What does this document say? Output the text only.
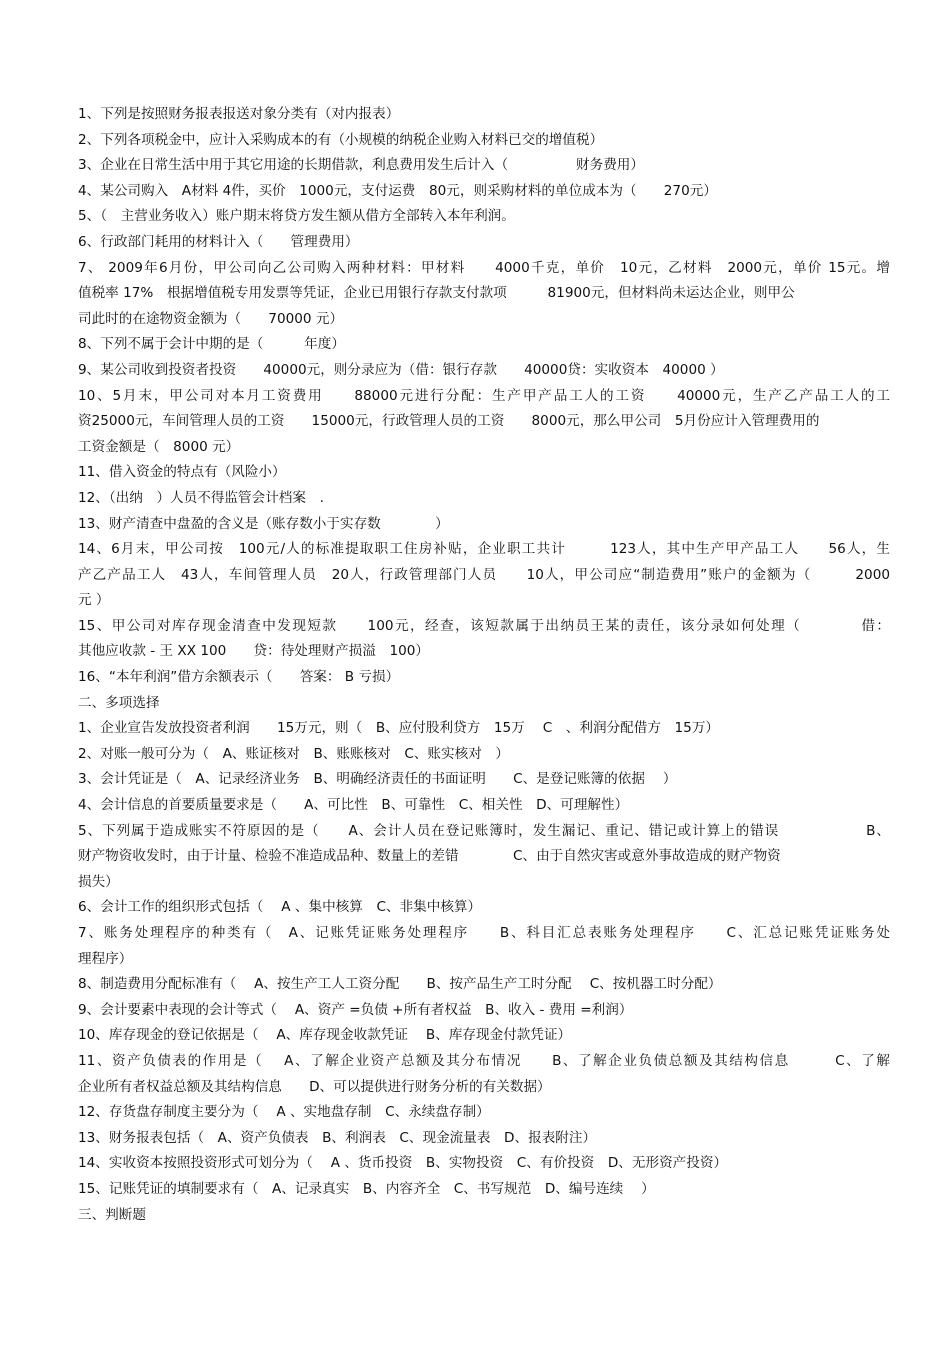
1、下列是按照财务报表报送对象分类有（对内报表）
2、下列各项税金中，应计入采购成本的有（小规模的纳税企业购入材料已交的增值税）
3、企业在日常生活中用于其它用途的长期借款，利息费用发生后计入（　　　　　财务费用）
4、某公司购入　A材料 4件，买价　1000元，支付运费　80元，则采购材料的单位成本为（　　270元）
5、（　主营业务收入）账户期末将贷方发生额从借方全部转入本年利润。
6、行政部门耗用的材料计入（　　管理费用）
7、 2009年6月份，甲公司向乙公司购入两种材料：甲材料　　4000千克，单价　10元，乙材料　2000元，单价 15元。增
值税率 17%　根据增值税专用发票等凭证，企业已用银行存款支付款项　　　81900元，但材料尚未运达企业，则甲公
司此时的在途物资金额为（　　70000 元）
8、下列不属于会计中期的是（　　　年度）
9、某公司收到投资者投资　　40000元，则分录应为（借：银行存款　　40000贷：实收资本　40000 ）
10、5月末，甲公司对本月工资费用　　88000元进行分配：生产甲产品工人的工资　　40000元，生产乙产品工人的工
资25000元，车间管理人员的工资　　15000元，行政管理人员的工资　　8000元，那么甲公司　5月份应计入管理费用的
工资金额是（　8000 元）
11、借入资金的特点有（风险小）
12、（出纳　）人员不得监管会计档案　.
13、财产清查中盘盈的含义是（账存数小于实存数　　　　）
14、6月末，甲公司按　100元/人的标准提取职工住房补贴，企业职工共计　　　123人，其中生产甲产品工人　　56人，生
产乙产品工人　43人，车间管理人员　20人，行政管理部门人员　　10人，甲公司应“制造费用”账户的金额为（　　　2000
元 ）
15、甲公司对库存现金清查中发现短款　　100元，经查，该短款属于出纳员王某的责任，该分录如何处理（　　　　借：
其他应收款 - 王 XX 100　　贷：待处理财产损溢　100）
16、“本年利润”借方余额表示（　　答案： B 亏损）
二、多项选择
1、企业宣告发放投资者利润　　15万元，则（　B、应付股利贷方　15万　 C　、利润分配借方　15万）
2、对账一般可分为（　A、账证核对　B、账账核对　C、账实核对　）
3、会计凭证是（　A、记录经济业务　B、明确经济责任的书面证明　　C、是登记账簿的依据　 ）
4、会计信息的首要质量要求是（　　A、可比性　B、可靠性　C、相关性　D、可理解性）
5、下列属于造成账实不符原因的是（　　A、会计人员在登记账簿时，发生漏记、重记、错记或计算上的错误　　　　　　B、
财产物资收发时，由于计量、检验不准造成品种、数量上的差错　　　　C、由于自然灾害或意外事故造成的财产物资
损失）
6、会计工作的组织形式包括（　 A 、集中核算　C、非集中核算）
7、账务处理程序的种类有（　A、记账凭证账务处理程序　　B、科目汇总表账务处理程序　　C、汇总记账凭证账务处
理程序）
8、制造费用分配标准有（　 A、按生产工人工资分配　　B、按产品生产工时分配　 C、按机器工时分配）
9、会计要素中表现的会计等式（　 A、资产 =负债 +所有者权益　B、收入 - 费用 =利润）
10、库存现金的登记依据是（　 A、库存现金收款凭证　 B、库存现金付款凭证）
11、资产负债表的作用是（　 A、了解企业资产总额及其分布情况　　B、了解企业负债总额及其结构信息　　　C、了解
企业所有者权益总额及其结构信息　　D、可以提供进行财务分析的有关数据）
12、存货盘存制度主要分为（　 A 、实地盘存制　C、永续盘存制）
13、财务报表包括（　A、资产负债表　B、利润表　C、现金流量表　D、报表附注）
14、实收资本按照投资形式可划分为（　 A 、货币投资　B、实物投资　C、有价投资　D、无形资产投资）
15、记账凭证的填制要求有（　A、记录真实　B、内容齐全　C、书写规范　D、编号连续　 ）
三、判断题
